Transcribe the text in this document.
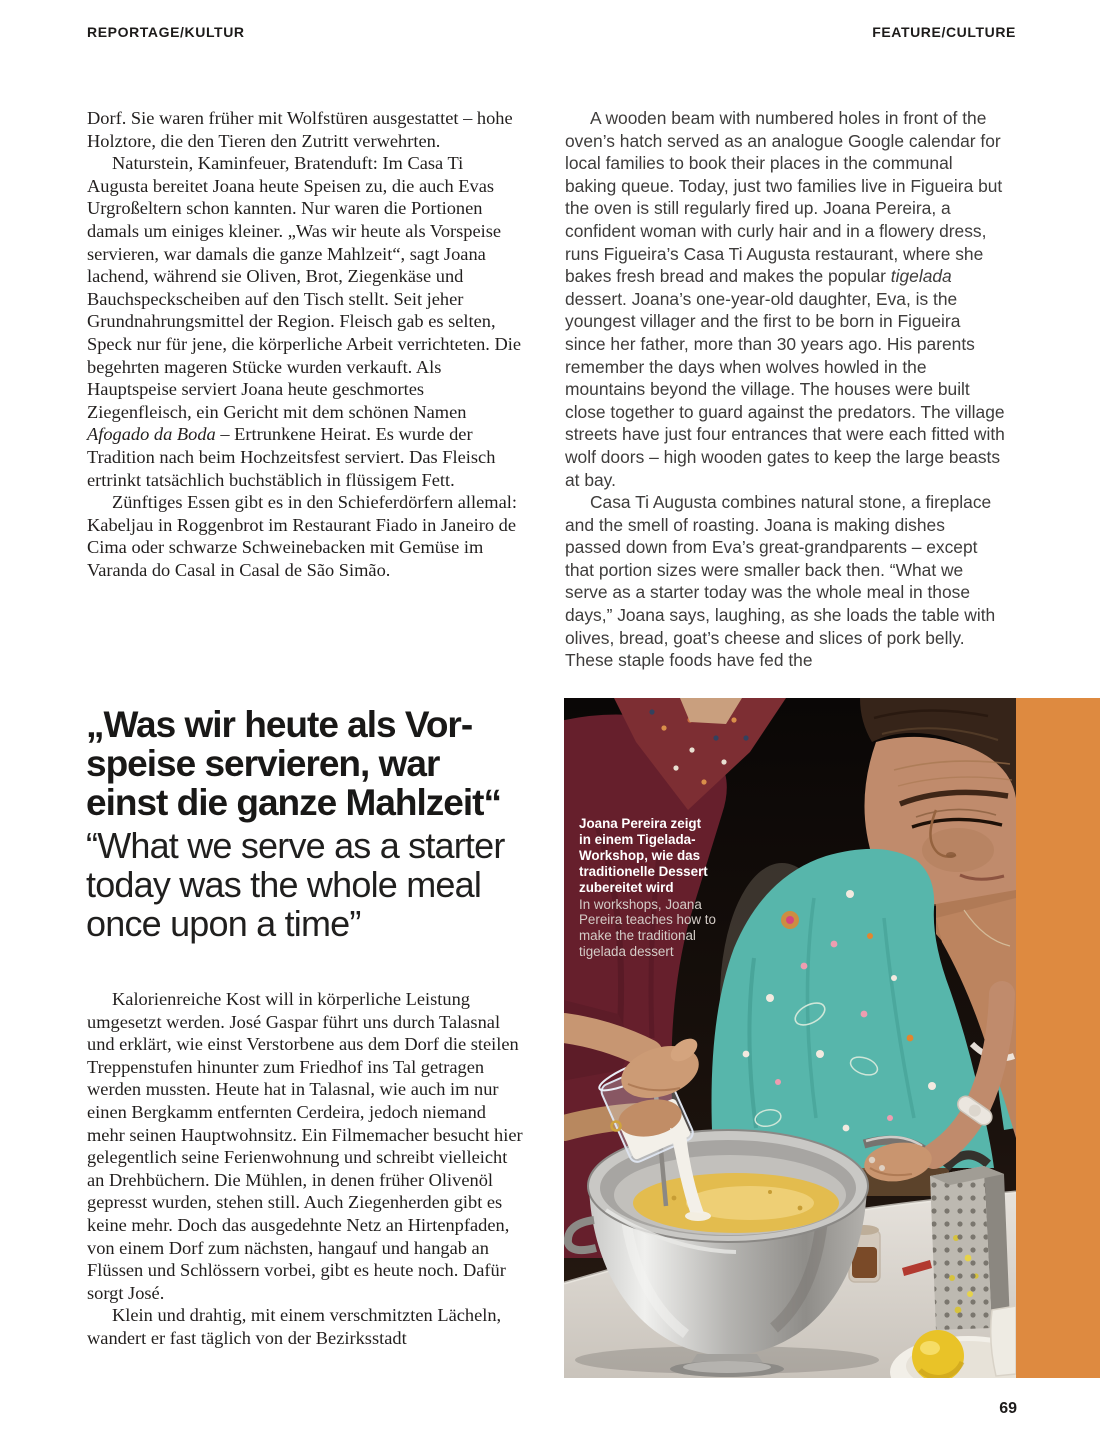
REPORTAGE/KULTUR	FEATURE/CULTURE

Dorf. Sie waren früher mit Wolfstüren ausgestattet – hohe Holztore, die den Tieren den Zutritt verwehrten.

Naturstein, Kaminfeuer, Bratenduft: Im Casa Ti Augusta bereitet Joana heute Speisen zu, die auch Evas Urgroßeltern schon kannten. Nur waren die Portionen damals um einiges kleiner. „Was wir heute als Vorspeise servieren, war damals die ganze Mahlzeit“, sagt Joana lachend, während sie Oliven, Brot, Ziegenkäse und Bauchspeckscheiben auf den Tisch stellt. Seit jeher Grundnahrungsmittel der Region. Fleisch gab es selten, Speck nur für jene, die körperliche Arbeit verrichteten. Die begehrten mageren Stücke wurden verkauft. Als Hauptspeise serviert Joana heute geschmortes Ziegenfleisch, ein Gericht mit dem schönen Namen Afogado da Boda – Ertrunkene Heirat. Es wurde der Tradition nach beim Hochzeitsfest serviert. Das Fleisch ertrinkt tatsächlich buchstäblich in flüssigem Fett.

Zünftiges Essen gibt es in den Schieferdörfern allemal: Kabeljau in Roggenbrot im Restaurant Fiado in Janeiro de Cima oder schwarze Schweinebacken mit Gemüse im Varanda do Casal in Casal de São Simão.

A wooden beam with numbered holes in front of the oven’s hatch served as an analogue Google calendar for local families to book their places in the communal baking queue. Today, just two families live in Figueira but the oven is still regularly fired up. Joana Pereira, a confident woman with curly hair and in a flowery dress, runs Figueira’s Casa Ti Augusta restaurant, where she bakes fresh bread and makes the popular tigelada dessert. Joana’s one-year-old daughter, Eva, is the youngest villager and the first to be born in Figueira since her father, more than 30 years ago. His parents remember the days when wolves howled in the mountains beyond the village. The houses were built close together to guard against the predators. The village streets have just four entrances that were each fitted with wolf doors – high wooden gates to keep the large beasts at bay.

Casa Ti Augusta combines natural stone, a fireplace and the smell of roasting. Joana is making dishes passed down from Eva’s great-grandparents – except that portion sizes were smaller back then. “What we serve as a starter today was the whole meal in those days,” Joana says, laughing, as she loads the table with olives, bread, goat’s cheese and slices of pork belly. These staple foods have fed the

„Was wir heute als Vor-
speise servieren, war
einst die ganze Mahlzeit“
“What we serve as a starter
today was the whole meal
once upon a time”

Kalorienreiche Kost will in körperliche Leistung umgesetzt werden. José Gaspar führt uns durch Talasnal und erklärt, wie einst Verstorbene aus dem Dorf die steilen Treppenstufen hinunter zum Friedhof ins Tal getragen werden mussten. Heute hat in Talasnal, wie auch im nur einen Bergkamm entfernten Cerdeira, jedoch niemand mehr seinen Hauptwohnsitz. Ein Filmemacher besucht hier gelegentlich seine Ferienwohnung und schreibt vielleicht an Drehbüchern. Die Mühlen, in denen früher Olivenöl gepresst wurden, stehen still. Auch Ziegenherden gibt es keine mehr. Doch das ausgedehnte Netz an Hirtenpfaden, von einem Dorf zum nächsten, hangauf und hangab an Flüssen und Schlössern vorbei, gibt es heute noch. Dafür sorgt José.

Klein und drahtig, mit einem verschmitzten Lächeln, wandert er fast täglich von der Bezirksstadt

Joana Pereira zeigt
in einem Tigelada-
Workshop, wie das
traditionelle Dessert
zubereitet wird
In workshops, Joana
Pereira teaches how to
make the traditional
tigelada dessert
69
